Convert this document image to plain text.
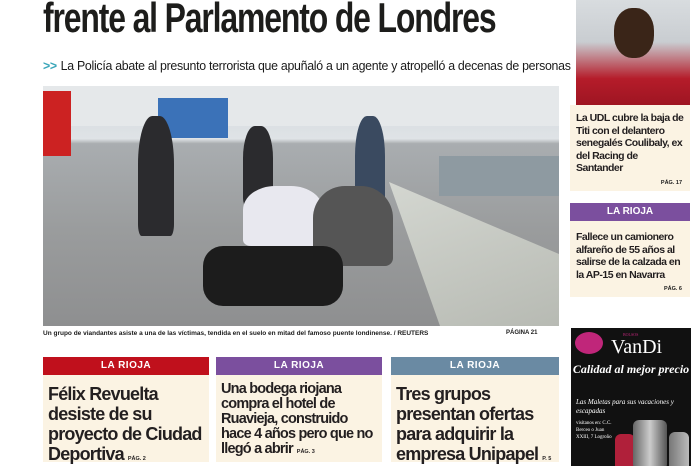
frente al Parlamento de Londres
>> La Policía abate al presunto terrorista que apuñaló a un agente y atropelló a decenas de personas
Un grupo de viandantes asiste a una de las víctimas, tendida en el suelo en mitad del famoso puente londinense. / REUTERS	PÁGINA 21
LA RIOJA
Félix Revuelta desiste de su proyecto de Ciudad Deportiva PÁG. 2
LA RIOJA
Una bodega riojana compra el hotel de Ruavieja, construido hace 4 años pero que no llegó a abrir PÁG. 3
LA RIOJA
Tres grupos presentan ofertas para adquirir la empresa Unipapel P. 5
La UDL cubre la baja de Titi con el delantero senegalés Coulibaly, ex del Racing de Santander
PÁG. 17
LA RIOJA
Fallece un camionero alfareño de 55 años al salirse de la calzada en la AP-15 en Navarra
PÁG. 6
BOLSOS
VanDi
Calidad al mejor precio
Las Maletas para sus vacaciones y escapadas
visítanos en: C.C. Berceo o Juan XXIII, 7 Logroño
